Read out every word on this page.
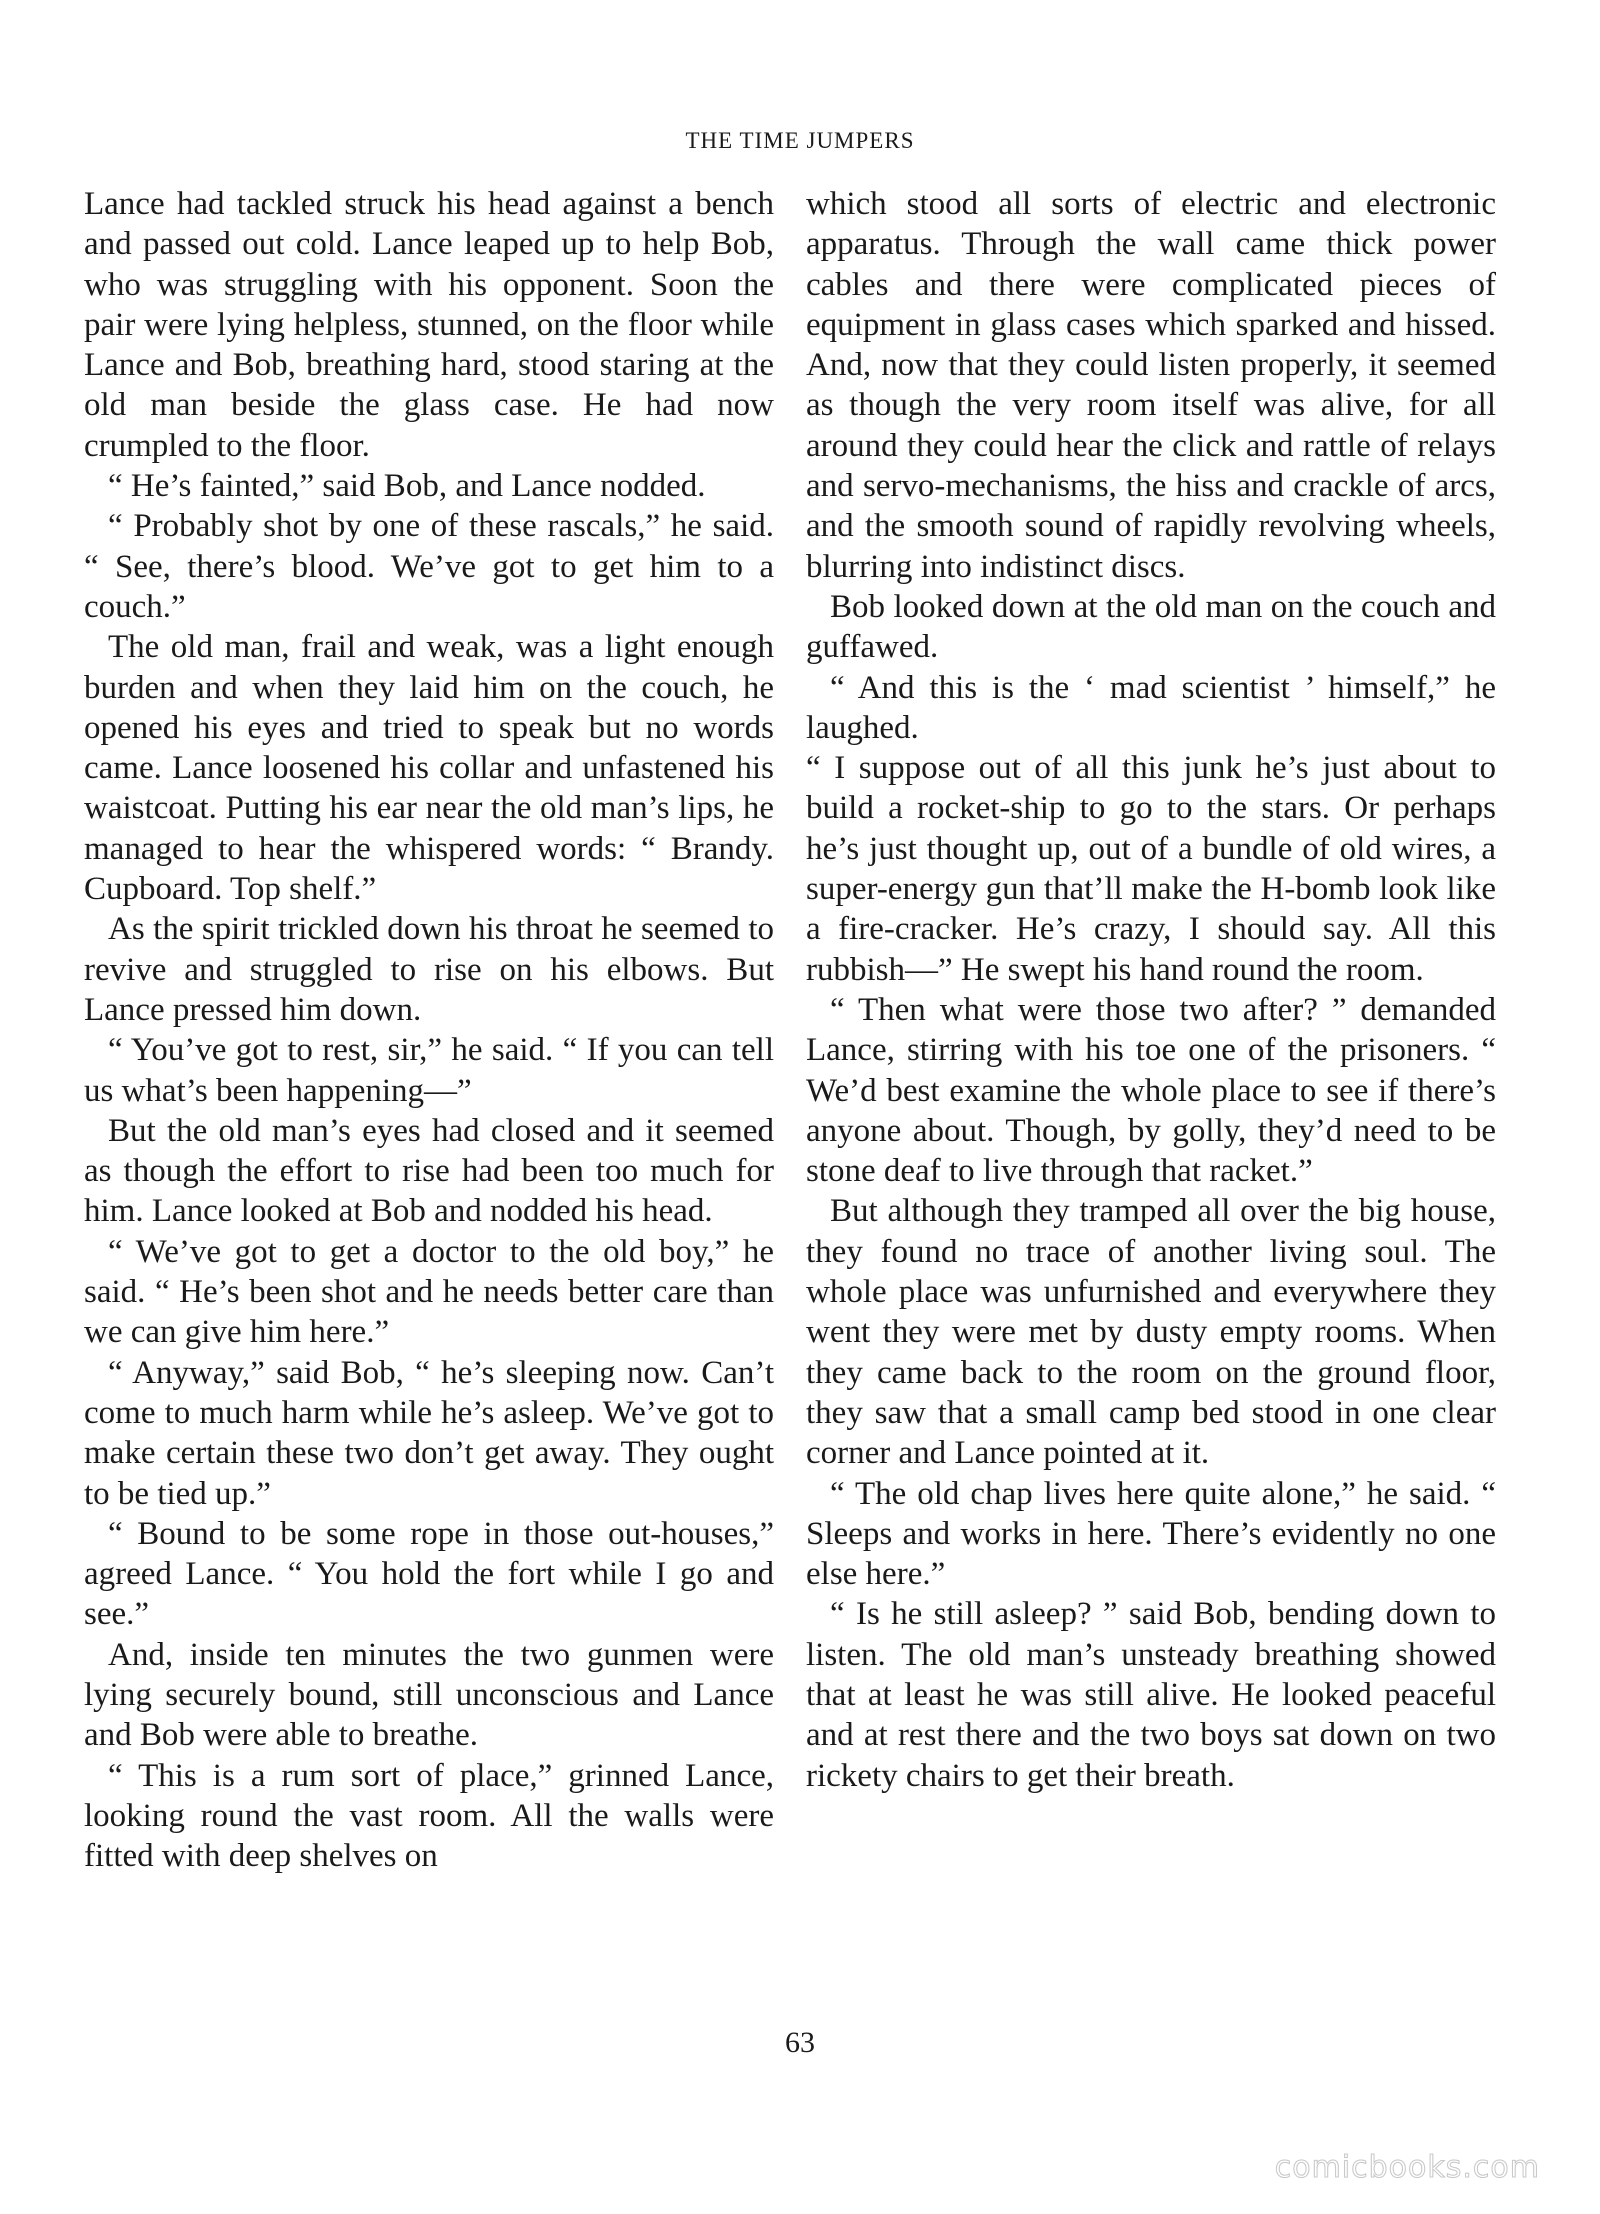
THE TIME JUMPERS

Lance had tackled struck his head against a bench and passed out cold. Lance leaped up to help Bob, who was struggling with his opponent. Soon the pair were lying helpless, stunned, on the floor while Lance and Bob, breathing hard, stood staring at the old man beside the glass case. He had now crumpled to the floor.

“ He’s fainted,” said Bob, and Lance nodded.

“ Probably shot by one of these rascals,” he said. “ See, there’s blood. We’ve got to get him to a couch.”

The old man, frail and weak, was a light enough burden and when they laid him on the couch, he opened his eyes and tried to speak but no words came. Lance loosened his collar and unfastened his waistcoat. Putting his ear near the old man’s lips, he managed to hear the whispered words: “ Brandy. Cupboard. Top shelf.”

As the spirit trickled down his throat he seemed to revive and struggled to rise on his elbows. But Lance pressed him down.

“ You’ve got to rest, sir,” he said. “ If you can tell us what’s been happening—”

But the old man’s eyes had closed and it seemed as though the effort to rise had been too much for him. Lance looked at Bob and nodded his head.

“ We’ve got to get a doctor to the old boy,” he said. “ He’s been shot and he needs better care than we can give him here.”

“ Anyway,” said Bob, “ he’s sleeping now. Can’t come to much harm while he’s asleep. We’ve got to make certain these two don’t get away. They ought to be tied up.”

“ Bound to be some rope in those out-houses,” agreed Lance. “ You hold the fort while I go and see.”

And, inside ten minutes the two gunmen were lying securely bound, still unconscious and Lance and Bob were able to breathe.

“ This is a rum sort of place,” grinned Lance, looking round the vast room. All the walls were fitted with deep shelves on

which stood all sorts of electric and electronic apparatus. Through the wall came thick power cables and there were complicated pieces of equipment in glass cases which sparked and hissed. And, now that they could listen properly, it seemed as though the very room itself was alive, for all around they could hear the click and rattle of relays and servo-mechanisms, the hiss and crackle of arcs, and the smooth sound of rapidly revolving wheels, blurring into indistinct discs.

Bob looked down at the old man on the couch and guffawed.

“ And this is the ‘ mad scientist ’ himself,” he laughed.

“ I suppose out of all this junk he’s just about to build a rocket-ship to go to the stars. Or perhaps he’s just thought up, out of a bundle of old wires, a super-energy gun that’ll make the H-bomb look like a fire-cracker. He’s crazy, I should say. All this rubbish—” He swept his hand round the room.

“ Then what were those two after? ” demanded Lance, stirring with his toe one of the prisoners. “ We’d best examine the whole place to see if there’s anyone about. Though, by golly, they’d need to be stone deaf to live through that racket.”

But although they tramped all over the big house, they found no trace of another living soul. The whole place was unfurnished and everywhere they went they were met by dusty empty rooms. When they came back to the room on the ground floor, they saw that a small camp bed stood in one clear corner and Lance pointed at it.

“ The old chap lives here quite alone,” he said. “ Sleeps and works in here. There’s evidently no one else here.”

“ Is he still asleep? ” said Bob, bending down to listen. The old man’s unsteady breathing showed that at least he was still alive. He looked peaceful and at rest there and the two boys sat down on two rickety chairs to get their breath.

63
comicbooks.com
